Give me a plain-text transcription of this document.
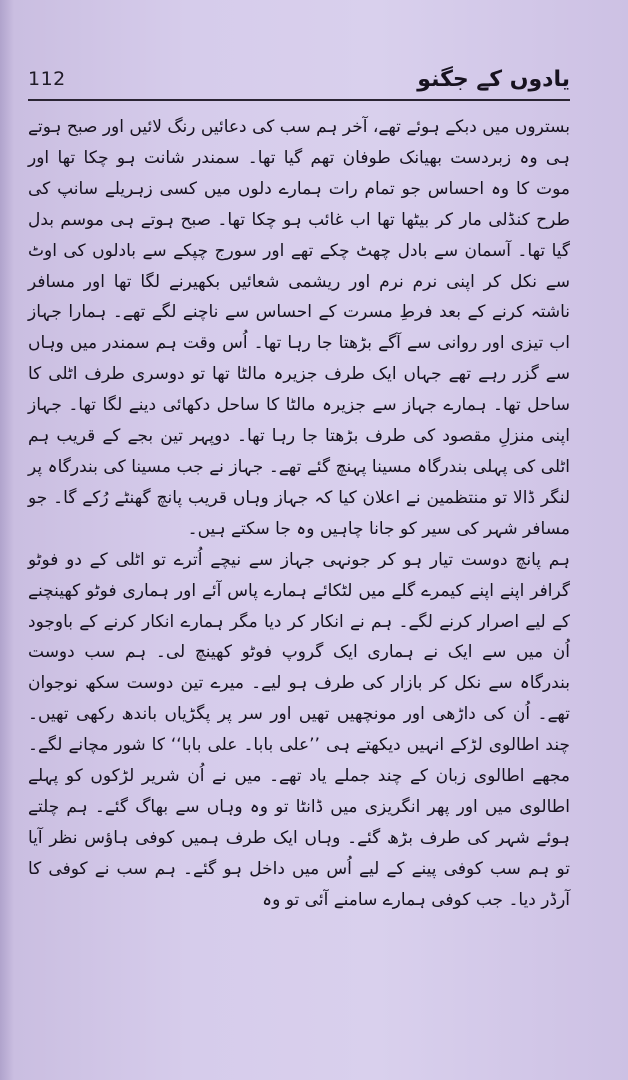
112	یادوں کے جگنو

بستروں میں دبکے ہوئے تھے، آخر ہم سب کی دعائیں رنگ لائیں اور صبح ہوتے ہی وہ زبردست بھیانک طوفان تھم گیا تھا۔ سمندر شانت ہو چکا تھا اور موت کا وہ احساس جو تمام رات ہمارے دلوں میں کسی زہریلے سانپ کی طرح کنڈلی مار کر بیٹھا تھا اب غائب ہو چکا تھا۔ صبح ہوتے ہی موسم بدل گیا تھا۔ آسمان سے بادل چھٹ چکے تھے اور سورج چپکے سے بادلوں کی اوٹ سے نکل کر اپنی نرم نرم اور ریشمی شعائیں بکھیرنے لگا تھا اور مسافر ناشتہ کرنے کے بعد فرطِ مسرت کے احساس سے ناچنے لگے تھے۔ ہمارا جہاز اب تیزی اور روانی سے آگے بڑھتا جا رہا تھا۔ اُس وقت ہم سمندر میں وہاں سے گزر رہے تھے جہاں ایک طرف جزیرہ مالٹا تھا تو دوسری طرف اٹلی کا ساحل تھا۔ ہمارے جہاز سے جزیرہ مالٹا کا ساحل دکھائی دینے لگا تھا۔ جہاز اپنی منزلِ مقصود کی طرف بڑھتا جا رہا تھا۔ دوپہر تین بجے کے قریب ہم اٹلی کی پہلی بندرگاہ مسینا پہنچ گئے تھے۔ جہاز نے جب مسینا کی بندرگاہ پر لنگر ڈالا تو منتظمین نے اعلان کیا کہ جہاز وہاں قریب پانچ گھنٹے رُکے گا۔ جو مسافر شہر کی سیر کو جانا چاہیں وہ جا سکتے ہیں۔

ہم پانچ دوست تیار ہو کر جونہی جہاز سے نیچے اُترے تو اٹلی کے دو فوٹو گرافر اپنے اپنے کیمرے گلے میں لٹکائے ہمارے پاس آئے اور ہماری فوٹو کھینچنے کے لیے اصرار کرنے لگے۔ ہم نے انکار کر دیا مگر ہمارے انکار کرنے کے باوجود اُن میں سے ایک نے ہماری ایک گروپ فوٹو کھینچ لی۔ ہم سب دوست بندرگاہ سے نکل کر بازار کی طرف ہو لیے۔ میرے تین دوست سکھ نوجوان تھے۔ اُن کی داڑھی اور مونچھیں تھیں اور سر پر پگڑیاں باندھ رکھی تھیں۔ چند اطالوی لڑکے انہیں دیکھتے ہی ’’علی بابا۔ علی بابا‘‘ کا شور مچانے لگے۔ مجھے اطالوی زبان کے چند جملے یاد تھے۔ میں نے اُن شریر لڑکوں کو پہلے اطالوی میں اور پھر انگریزی میں ڈانٹا تو وہ وہاں سے بھاگ گئے۔ ہم چلتے ہوئے شہر کی طرف بڑھ گئے۔ وہاں ایک طرف ہمیں کوفی ہاؤس نظر آیا تو ہم سب کوفی پینے کے لیے اُس میں داخل ہو گئے۔ ہم سب نے کوفی کا آرڈر دیا۔ جب کوفی ہمارے سامنے آئی تو وہ
